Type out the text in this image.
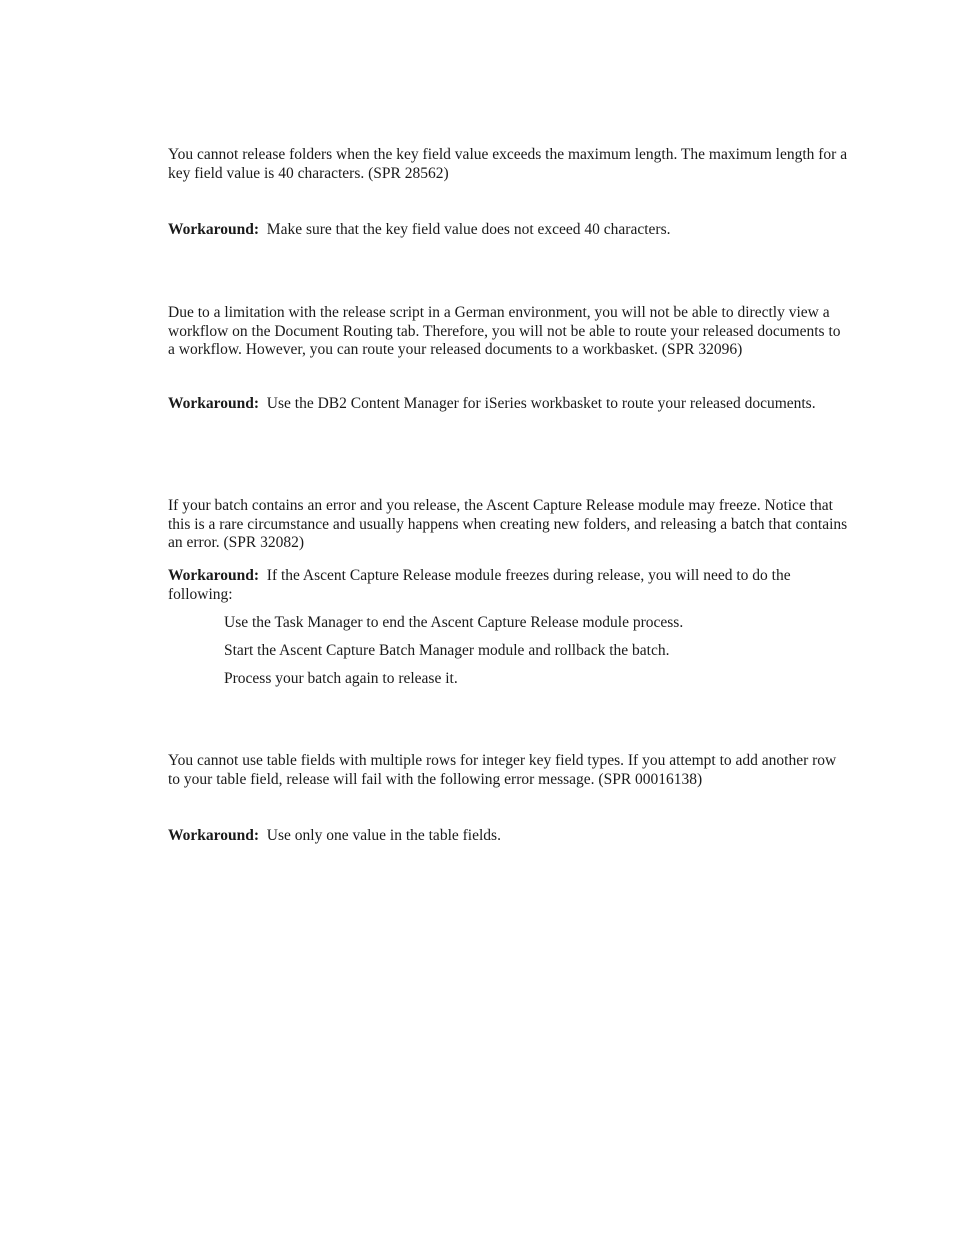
You cannot release folders when the key field value exceeds the maximum length. The maximum length for a key field value is 40 characters. (SPR 28562)

Workaround: Make sure that the key field value does not exceed 40 characters.

Due to a limitation with the release script in a German environment, you will not be able to directly view a workflow on the Document Routing tab. Therefore, you will not be able to route your released documents to a workflow. However, you can route your released documents to a workbasket. (SPR 32096)

Workaround: Use the DB2 Content Manager for iSeries workbasket to route your released documents.

If your batch contains an error and you release, the Ascent Capture Release module may freeze. Notice that this is a rare circumstance and usually happens when creating new folders, and releasing a batch that contains an error. (SPR 32082)

Workaround: If the Ascent Capture Release module freezes during release, you will need to do the following:

Use the Task Manager to end the Ascent Capture Release module process.

Start the Ascent Capture Batch Manager module and rollback the batch.

Process your batch again to release it.

You cannot use table fields with multiple rows for integer key field types. If you attempt to add another row to your table field, release will fail with the following error message. (SPR 00016138)

Workaround: Use only one value in the table fields.
